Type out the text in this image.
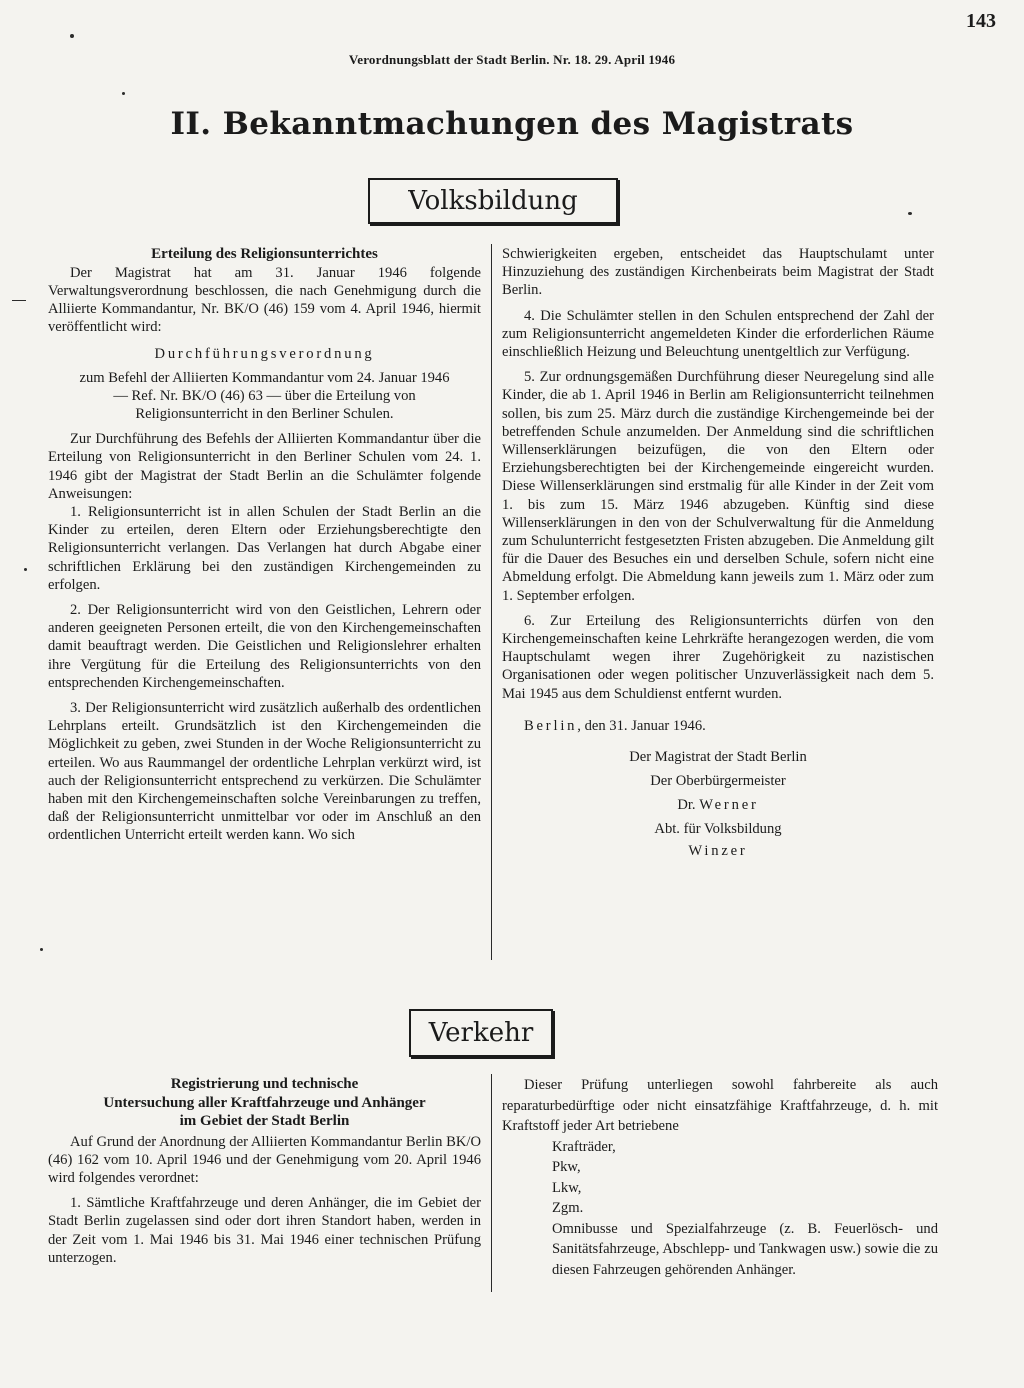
Verordnungsblatt der Stadt Berlin. Nr. 18. 29. April 1946
143
II. Bekanntmachungen des Magistrats
Volksbildung
Erteilung des Religionsunterrichtes

Der Magistrat hat am 31. Januar 1946 folgende Verwaltungsverordnung beschlossen, die nach Genehmigung durch die Alliierte Kommandantur, Nr. BK/O (46) 159 vom 4. April 1946, hiermit veröffentlicht wird:

Durchführungsverordnung
zum Befehl der Alliierten Kommandantur vom 24. Januar 1946 — Ref. Nr. BK/O (46) 63 — über die Erteilung von Religionsunterricht in den Berliner Schulen.

Zur Durchführung des Befehls der Alliierten Kommandantur über die Erteilung von Religionsunterricht in den Berliner Schulen vom 24. 1. 1946 gibt der Magistrat der Stadt Berlin an die Schulämter folgende Anweisungen:

1. Religionsunterricht ist in allen Schulen der Stadt Berlin an die Kinder zu erteilen, deren Eltern oder Erziehungsberechtigte den Religionsunterricht verlangen. Das Verlangen hat durch Abgabe einer schriftlichen Erklärung bei den zuständigen Kirchengemeinden zu erfolgen.

2. Der Religionsunterricht wird von den Geistlichen, Lehrern oder anderen geeigneten Personen erteilt, die von den Kirchengemeinschaften damit beauftragt werden. Die Geistlichen und Religionslehrer erhalten ihre Vergütung für die Erteilung des Religionsunterrichts von den entsprechenden Kirchengemeinschaften.

3. Der Religionsunterricht wird zusätzlich außerhalb des ordentlichen Lehrplans erteilt. Grundsätzlich ist den Kirchengemeinden die Möglichkeit zu geben, zwei Stunden in der Woche Religionsunterricht zu erteilen. Wo aus Raummangel der ordentliche Lehrplan verkürzt wird, ist auch der Religionsunterricht entsprechend zu verkürzen. Die Schulämter haben mit den Kirchengemeinschaften solche Vereinbarungen zu treffen, daß der Religionsunterricht unmittelbar vor oder im Anschluß an den ordentlichen Unterricht erteilt werden kann. Wo sich

Schwierigkeiten ergeben, entscheidet das Hauptschulamt unter Hinzuziehung des zuständigen Kirchenbeirats beim Magistrat der Stadt Berlin.

4. Die Schulämter stellen in den Schulen entsprechend der Zahl der zum Religionsunterricht angemeldeten Kinder die erforderlichen Räume einschließlich Heizung und Beleuchtung unentgeltlich zur Verfügung.

5. Zur ordnungsgemäßen Durchführung dieser Neuregelung sind alle Kinder, die ab 1. April 1946 in Berlin am Religionsunterricht teilnehmen sollen, bis zum 25. März durch die zuständige Kirchengemeinde bei der betreffenden Schule anzumelden. Der Anmeldung sind die schriftlichen Willenserklärungen beizufügen, die von den Eltern oder Erziehungsberechtigten bei der Kirchengemeinde eingereicht wurden. Diese Willenserklärungen sind erstmalig für alle Kinder in der Zeit vom 1. bis zum 15. März 1946 abzugeben. Künftig sind diese Willenserklärungen in den von der Schulverwaltung für die Anmeldung zum Schulunterricht festgesetzten Fristen abzugeben. Die Anmeldung gilt für die Dauer des Besuches ein und derselben Schule, sofern nicht eine Abmeldung erfolgt. Die Abmeldung kann jeweils zum 1. März oder zum 1. September erfolgen.

6. Zur Erteilung des Religionsunterrichts dürfen von den Kirchengemeinschaften keine Lehrkräfte herangezogen werden, die vom Hauptschulamt wegen ihrer Zugehörigkeit zu nazistischen Organisationen oder wegen politischer Unzuverlässigkeit nach dem 5. Mai 1945 aus dem Schuldienst entfernt wurden.

Berlin, den 31. Januar 1946.
Der Magistrat der Stadt Berlin
Der Oberbürgermeister
Dr. Werner
Abt. für Volksbildung
Winzer
Verkehr
Registrierung und technische
Untersuchung aller Kraftfahrzeuge und Anhänger
im Gebiet der Stadt Berlin

Auf Grund der Anordnung der Alliierten Kommandantur Berlin BK/O (46) 162 vom 10. April 1946 und der Genehmigung vom 20. April 1946 wird folgendes verordnet:

1. Sämtliche Kraftfahrzeuge und deren Anhänger, die im Gebiet der Stadt Berlin zugelassen sind oder dort ihren Standort haben, werden in der Zeit vom 1. Mai 1946 bis 31. Mai 1946 einer technischen Prüfung unterzogen.

Dieser Prüfung unterliegen sowohl fahrbereite als auch reparaturbedürftige oder nicht einsatzfähige Kraftfahrzeuge, d. h. mit Kraftstoff jeder Art betriebene

Krafträder,
Pkw,
Lkw,
Zgm.
Omnibusse und Spezialfahrzeuge (z. B. Feuerlösch- und Sanitätsfahrzeuge, Abschlepp- und Tankwagen usw.) sowie die zu diesen Fahrzeugen gehörenden Anhänger.
